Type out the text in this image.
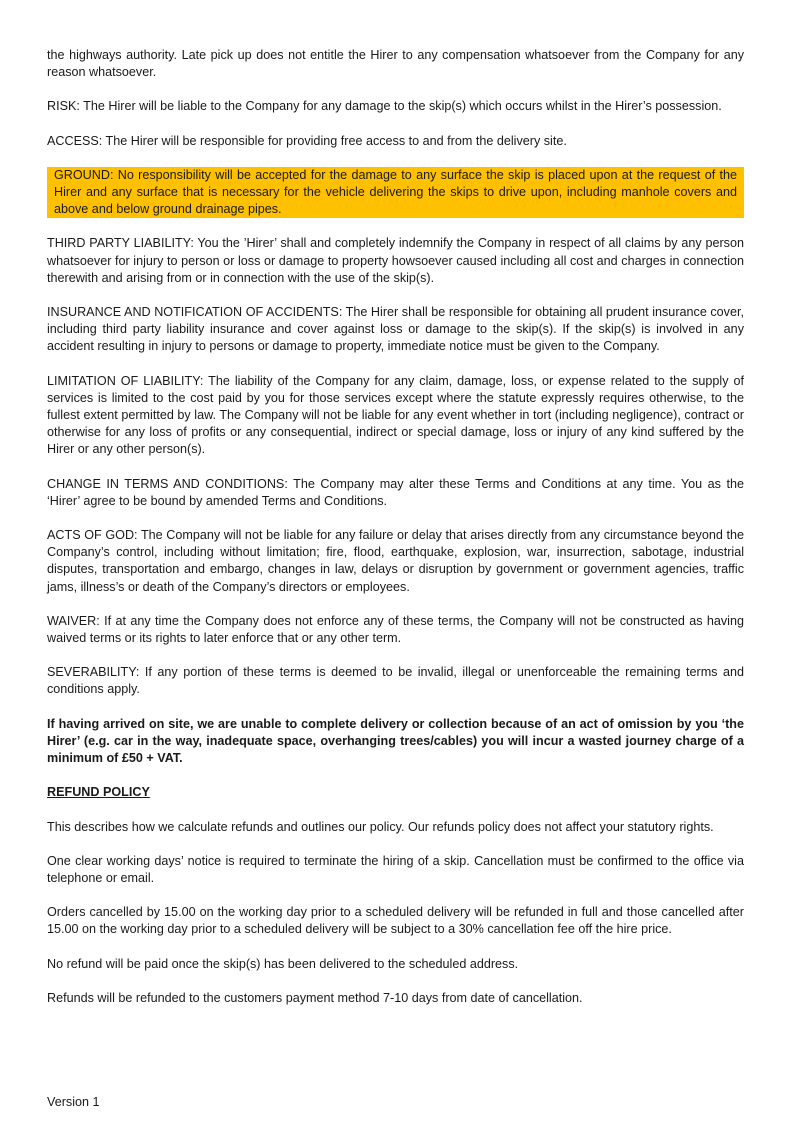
the highways authority. Late pick up does not entitle the Hirer to any compensation whatsoever from the Company for any reason whatsoever.

RISK: The Hirer will be liable to the Company for any damage to the skip(s) which occurs whilst in the Hirer’s possession.

ACCESS: The Hirer will be responsible for providing free access to and from the delivery site.

GROUND: No responsibility will be accepted for the damage to any surface the skip is placed upon at the request of the Hirer and any surface that is necessary for the vehicle delivering the skips to drive upon, including manhole covers and above and below ground drainage pipes.

THIRD PARTY LIABILITY: You the ’Hirer’ shall and completely indemnify the Company in respect of all claims by any person whatsoever for injury to person or loss or damage to property howsoever caused including all cost and charges in connection therewith and arising from or in connection with the use of the skip(s).

INSURANCE AND NOTIFICATION OF ACCIDENTS: The Hirer shall be responsible for obtaining all prudent insurance cover, including third party liability insurance and cover against loss or damage to the skip(s). If the skip(s) is involved in any accident resulting in injury to persons or damage to property, immediate notice must be given to the Company.

LIMITATION OF LIABILITY: The liability of the Company for any claim, damage, loss, or expense related to the supply of services is limited to the cost paid by you for those services except where the statute expressly requires otherwise, to the fullest extent permitted by law. The Company will not be liable for any event whether in tort (including negligence), contract or otherwise for any loss of profits or any consequential, indirect or special damage, loss or injury of any kind suffered by the Hirer or any other person(s).

CHANGE IN TERMS AND CONDITIONS: The Company may alter these Terms and Conditions at any time. You as the ‘Hirer’ agree to be bound by amended Terms and Conditions.

ACTS OF GOD: The Company will not be liable for any failure or delay that arises directly from any circumstance beyond the Company’s control, including without limitation; fire, flood, earthquake, explosion, war, insurrection, sabotage, industrial disputes, transportation and embargo, changes in law, delays or disruption by government or government agencies, traffic jams, illness’s or death of the Company’s directors or employees.

WAIVER: If at any time the Company does not enforce any of these terms, the Company will not be constructed as having waived terms or its rights to later enforce that or any other term.

SEVERABILITY: If any portion of these terms is deemed to be invalid, illegal or unenforceable the remaining terms and conditions apply.

If having arrived on site, we are unable to complete delivery or collection because of an act of omission by you ‘the Hirer’ (e.g. car in the way, inadequate space, overhanging trees/cables) you will incur a wasted journey charge of a minimum of £50 + VAT.

REFUND POLICY

This describes how we calculate refunds and outlines our policy. Our refunds policy does not affect your statutory rights.

One clear working days’ notice is required to terminate the hiring of a skip. Cancellation must be confirmed to the office via telephone or email.

Orders cancelled by 15.00 on the working day prior to a scheduled delivery will be refunded in full and those cancelled after 15.00 on the working day prior to a scheduled delivery will be subject to a 30% cancellation fee off the hire price.

No refund will be paid once the skip(s) has been delivered to the scheduled address.

Refunds will be refunded to the customers payment method 7-10 days from date of cancellation.

Version 1
